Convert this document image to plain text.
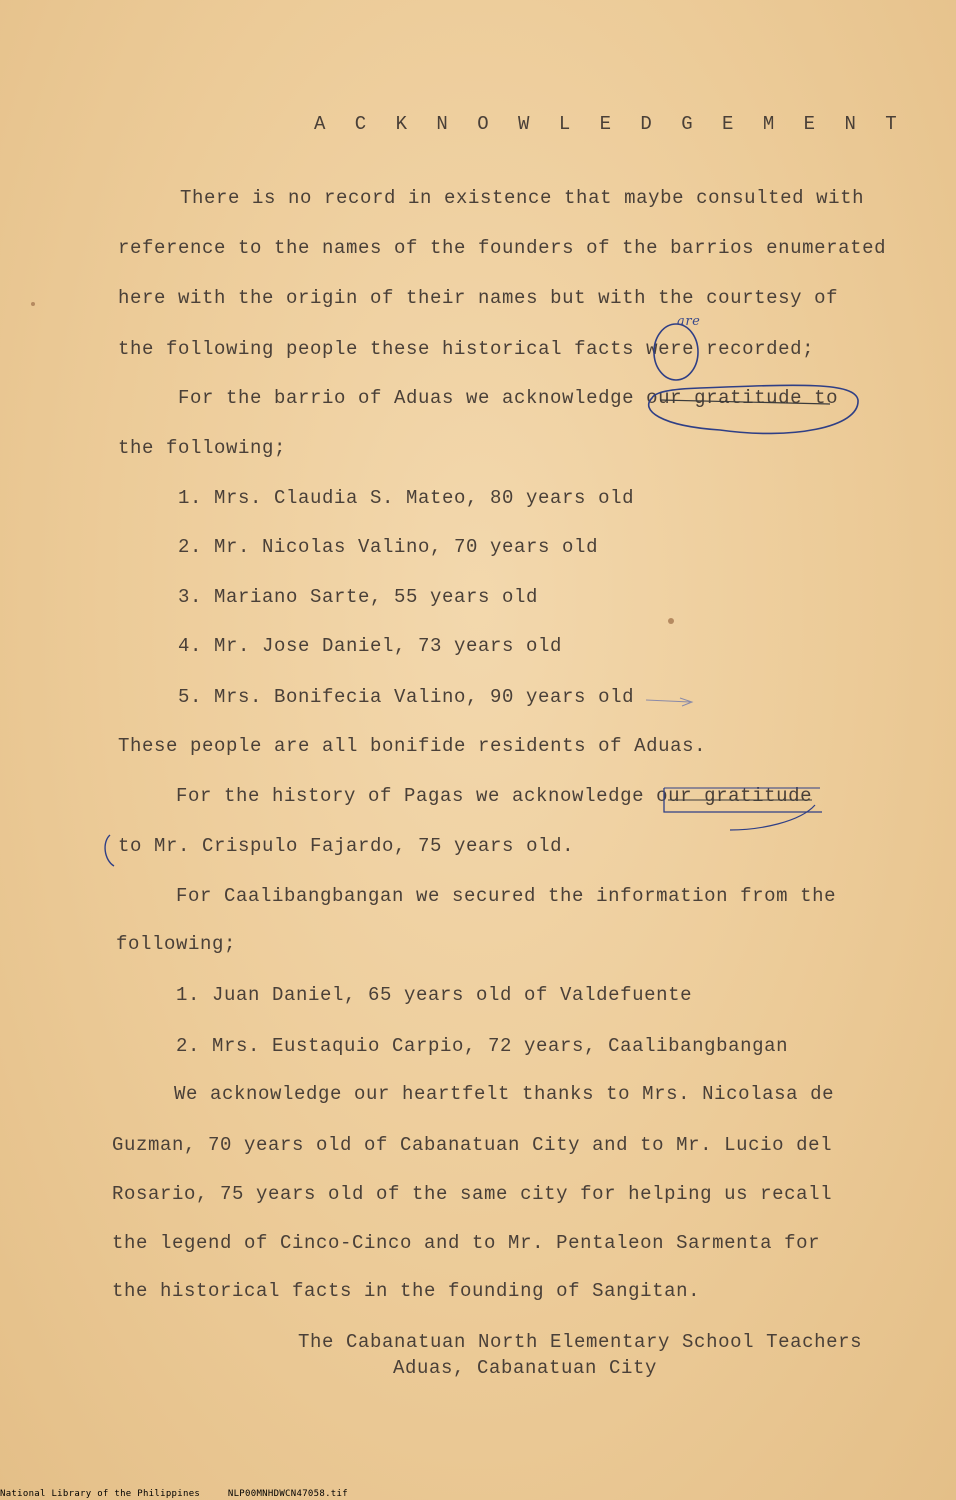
A C K N O W L E D G E M E N T
There is no record in existence that maybe consulted with
reference to the names of the founders of the barrios enumerated
here with the origin of their names but with the courtesy of
the following people these historical facts were recorded;
are
For the barrio of Aduas we acknowledge our gratitude to
the following;
1. Mrs. Claudia S. Mateo, 80 years old
2. Mr. Nicolas Valino, 70 years old
3. Mariano Sarte, 55 years old
4. Mr. Jose Daniel, 73 years old
5. Mrs. Bonifecia Valino, 90 years old
These people are all bonifide residents of Aduas.
For the history of Pagas we acknowledge our gratitude
to Mr. Crispulo Fajardo, 75 years old.
For Caalibangbangan we secured the information from the
following;
1. Juan Daniel, 65 years old of Valdefuente
2. Mrs. Eustaquio Carpio, 72 years, Caalibangbangan
We acknowledge our heartfelt thanks to Mrs. Nicolasa de
Guzman, 70 years old of Cabanatuan City and to Mr. Lucio del
Rosario, 75 years old of the same city for helping us recall
the legend of Cinco-Cinco and to Mr. Pentaleon Sarmenta for
the historical facts in the founding of Sangitan.
The Cabanatuan North Elementary School Teachers
Aduas, Cabanatuan City
National Library of the Philippines	NLP00MNHDWCN47058.tif
